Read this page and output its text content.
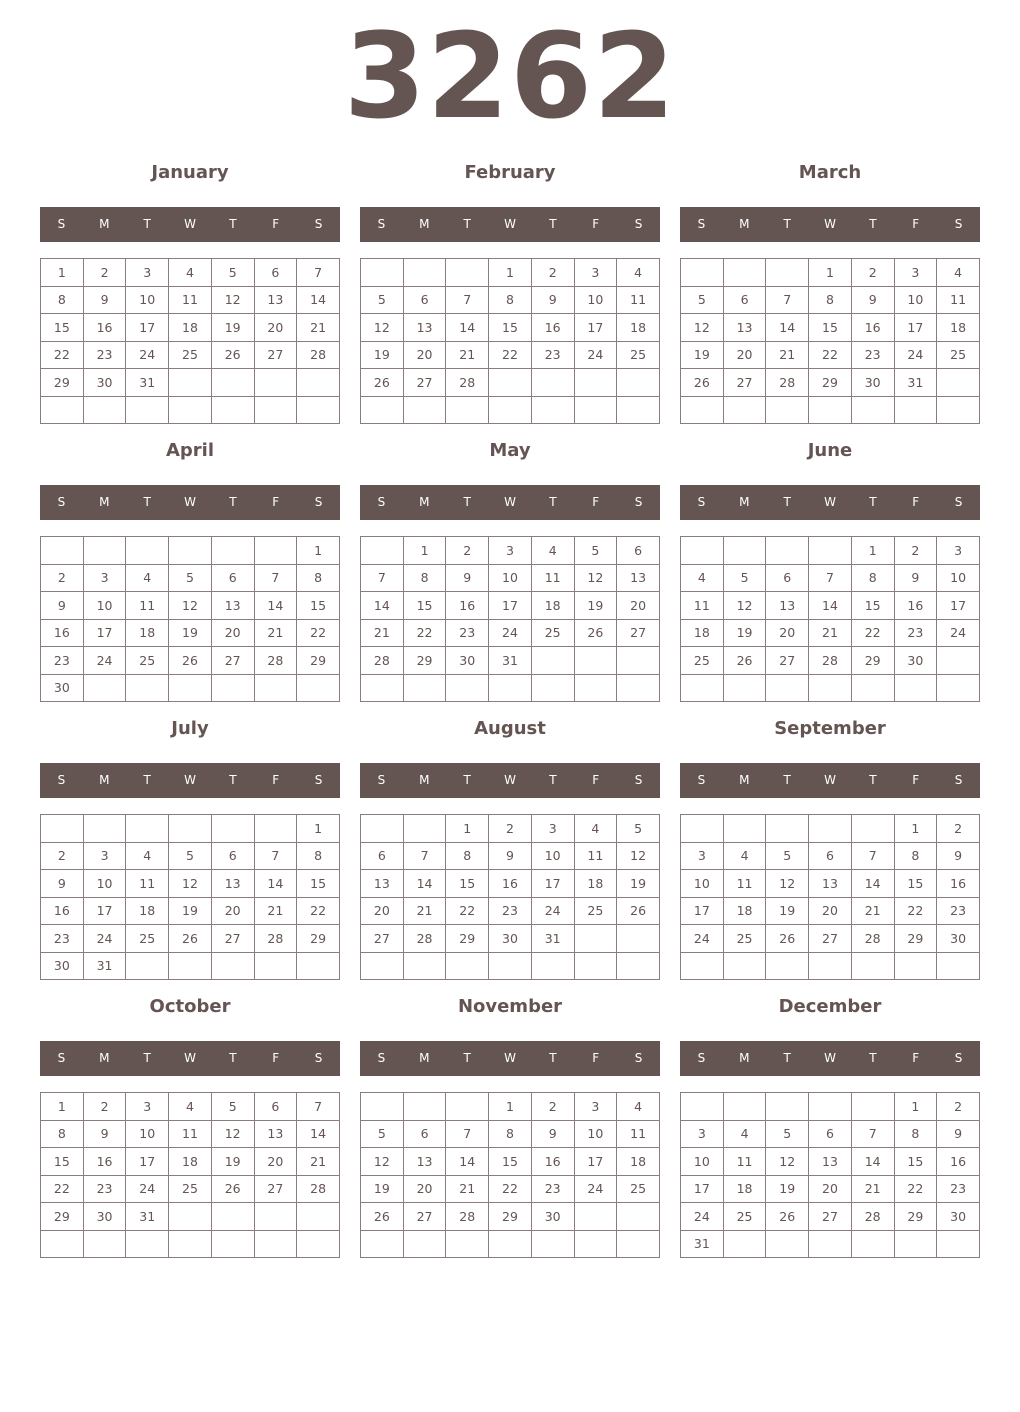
3262
January
S	M	T	W	T	F	S
1	2	3	4	5	6	7
8	9	10	11	12	13	14
15	16	17	18	19	20	21
22	23	24	25	26	27	28
29	30	31				

February
S	M	T	W	T	F	S
			1	2	3	4
5	6	7	8	9	10	11
12	13	14	15	16	17	18
19	20	21	22	23	24	25
26	27	28				

March
S	M	T	W	T	F	S
			1	2	3	4
5	6	7	8	9	10	11
12	13	14	15	16	17	18
19	20	21	22	23	24	25
26	27	28	29	30	31	

April
S	M	T	W	T	F	S
						1
2	3	4	5	6	7	8
9	10	11	12	13	14	15
16	17	18	19	20	21	22
23	24	25	26	27	28	29
30						
May
S	M	T	W	T	F	S
	1	2	3	4	5	6
7	8	9	10	11	12	13
14	15	16	17	18	19	20
21	22	23	24	25	26	27
28	29	30	31			

June
S	M	T	W	T	F	S
				1	2	3
4	5	6	7	8	9	10
11	12	13	14	15	16	17
18	19	20	21	22	23	24
25	26	27	28	29	30	

July
S	M	T	W	T	F	S
						1
2	3	4	5	6	7	8
9	10	11	12	13	14	15
16	17	18	19	20	21	22
23	24	25	26	27	28	29
30	31					
August
S	M	T	W	T	F	S
		1	2	3	4	5
6	7	8	9	10	11	12
13	14	15	16	17	18	19
20	21	22	23	24	25	26
27	28	29	30	31		

September
S	M	T	W	T	F	S
					1	2
3	4	5	6	7	8	9
10	11	12	13	14	15	16
17	18	19	20	21	22	23
24	25	26	27	28	29	30

October
S	M	T	W	T	F	S
1	2	3	4	5	6	7
8	9	10	11	12	13	14
15	16	17	18	19	20	21
22	23	24	25	26	27	28
29	30	31				

November
S	M	T	W	T	F	S
			1	2	3	4
5	6	7	8	9	10	11
12	13	14	15	16	17	18
19	20	21	22	23	24	25
26	27	28	29	30		

December
S	M	T	W	T	F	S
					1	2
3	4	5	6	7	8	9
10	11	12	13	14	15	16
17	18	19	20	21	22	23
24	25	26	27	28	29	30
31						
